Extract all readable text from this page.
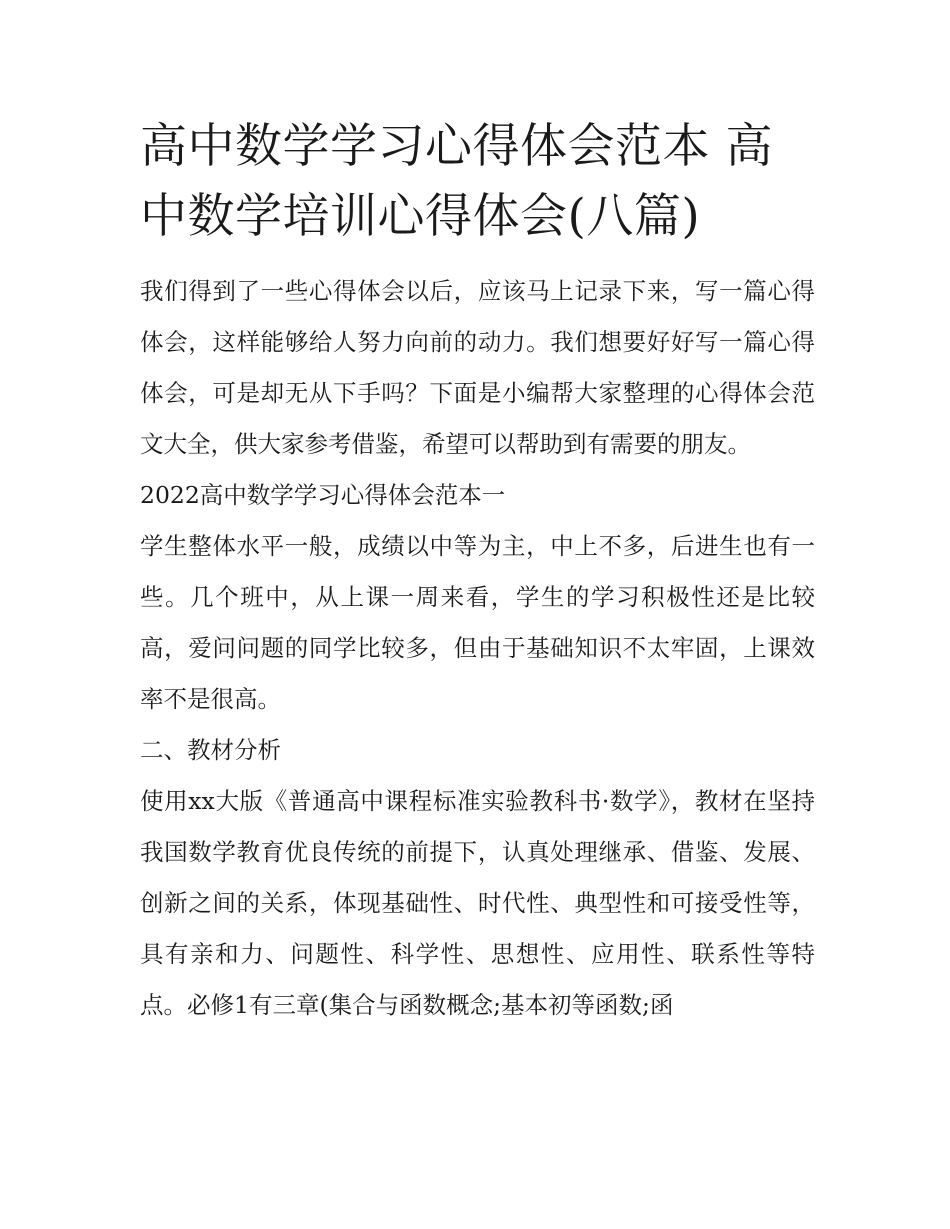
高中数学学习心得体会范本 高中数学培训心得体会(八篇)

我们得到了一些心得体会以后，应该马上记录下来，写一篇心得体会，这样能够给人努力向前的动力。我们想要好好写一篇心得体会，可是却无从下手吗？下面是小编帮大家整理的心得体会范文大全，供大家参考借鉴，希望可以帮助到有需要的朋友。

2022高中数学学习心得体会范本一

学生整体水平一般，成绩以中等为主，中上不多，后进生也有一些。几个班中，从上课一周来看，学生的学习积极性还是比较高，爱问问题的同学比较多，但由于基础知识不太牢固，上课效率不是很高。

二、教材分析

使用xx大版《普通高中课程标准实验教科书·数学》，教材在坚持我国数学教育优良传统的前提下，认真处理继承、借鉴、发展、创新之间的关系，体现基础性、时代性、典型性和可接受性等，具有亲和力、问题性、科学性、思想性、应用性、联系性等特点。必修1有三章(集合与函数概念;基本初等函数;函
